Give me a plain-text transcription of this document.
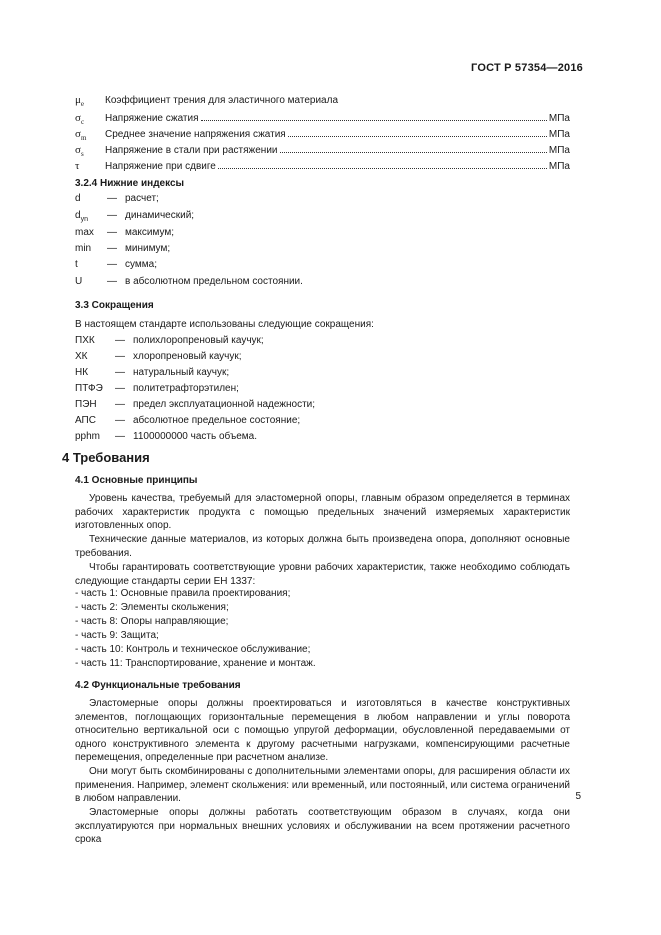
ГОСТ Р 57354—2016
$\mu_e$	Коэффициент трения для эластичного материала
$\sigma_c$	Напряжение сжатия	МПа
$\sigma_m$	Среднее значение напряжения сжатия	МПа
$\sigma_s$	Напряжение в стали при растяжении	МПа
τ	Напряжение при сдвиге	МПа
3.2.4 Нижние индексы
d	— расчет;
$d_{yn}$	— динамический;
max	— максимум;
min	— минимум;
t	— сумма;
U	— в абсолютном предельном состоянии.
3.3 Сокращения
В настоящем стандарте использованы следующие сокращения:
ПХК	— полихлоропреновый каучук;
ХК	— хлоропреновый каучук;
НК	— натуральный каучук;
ПТФЭ	— политетрафторэтилен;
ПЭН	— предел эксплуатационной надежности;
АПС	— абсолютное предельное состояние;
pphm	— 1100000000 часть объема.
4 Требования
4.1 Основные принципы
Уровень качества, требуемый для эластомерной опоры, главным образом определяется в терминах рабочих характеристик продукта с помощью предельных значений измеряемых характеристик изготовленных опор.
Технические данные материалов, из которых должна быть произведена опора, дополняют основные требования.
Чтобы гарантировать соответствующие уровни рабочих характеристик, также необходимо соблюдать следующие стандарты серии ЕН 1337:
- часть 1: Основные правила проектирования;
- часть 2: Элементы скольжения;
- часть 8: Опоры направляющие;
- часть 9: Защита;
- часть 10: Контроль и техническое обслуживание;
- часть 11: Транспортирование, хранение и монтаж.
4.2 Функциональные требования
Эластомерные опоры должны проектироваться и изготовляться в качестве конструктивных элементов, поглощающих горизонтальные перемещения в любом направлении и углы поворота относительно вертикальной оси с помощью упругой деформации, обусловленной передаваемыми от одного конструктивного элемента к другому расчетными нагрузками, компенсирующими расчетные перемещения, определенные при расчетном анализе.
Они могут быть скомбинированы с дополнительными элементами опоры, для расширения области их применения. Например, элемент скольжения: или временный, или постоянный, или система ограничений в любом направлении.
Эластомерные опоры должны работать соответствующим образом в случаях, когда они эксплуатируются при нормальных внешних условиях и обслуживании на всем протяжении расчетного срока
5
